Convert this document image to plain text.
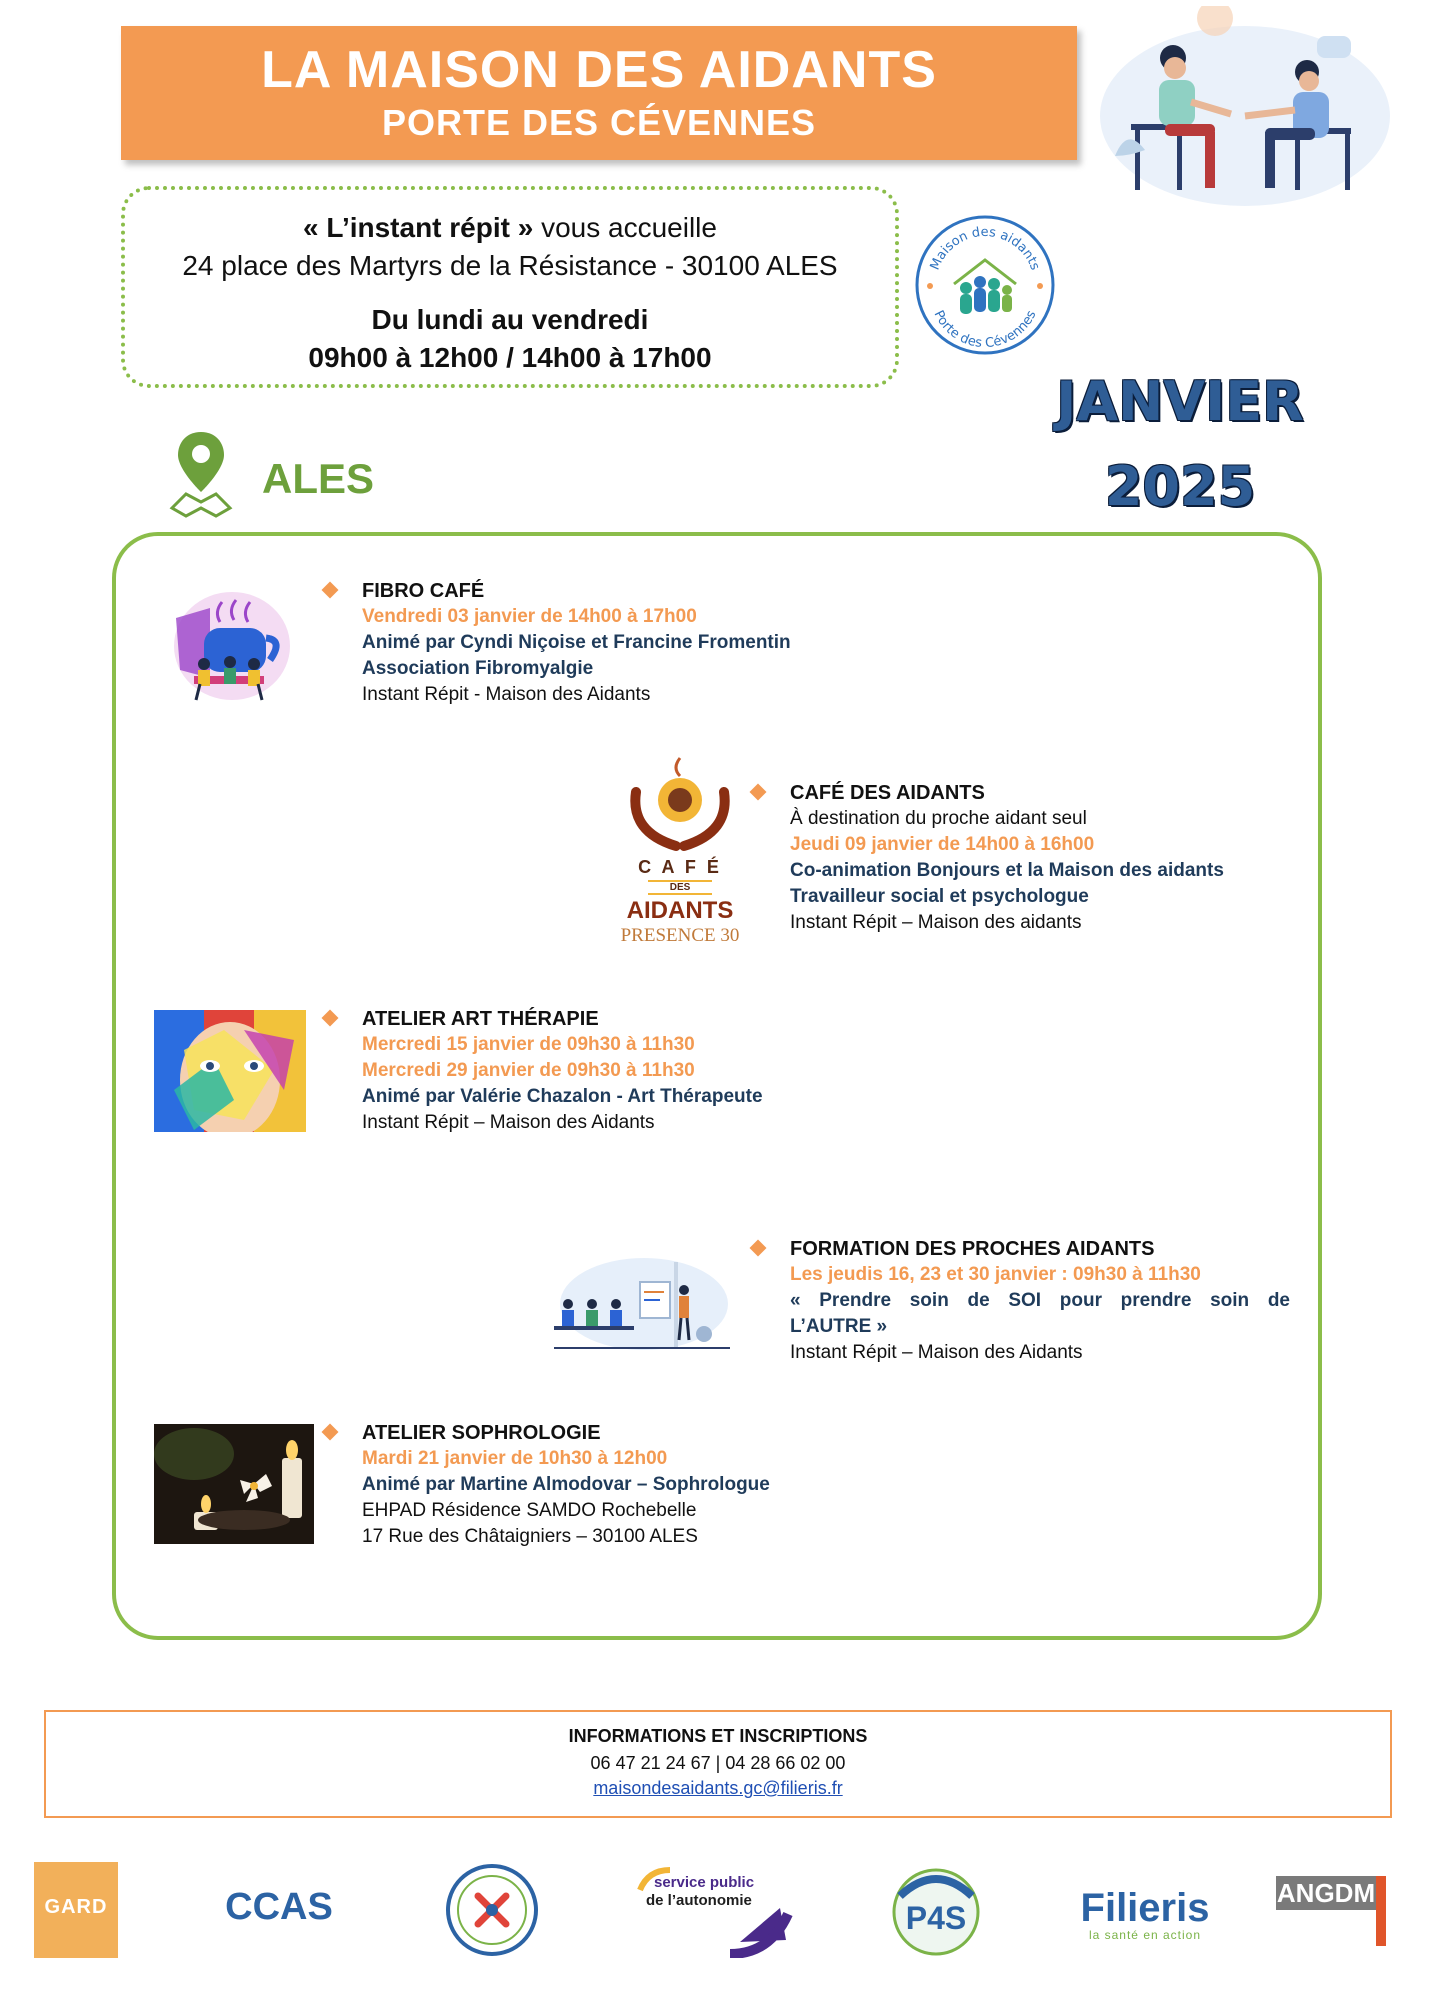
LA MAISON DES AIDANTS
PORTE DES CÉVENNES
« L’instant répit » vous accueille
24 place des Martyrs de la Résistance - 30100 ALES
Du lundi au vendredi
09h00 à 12h00 / 14h00 à 17h00
Maison des aidants
Porte des Cévennes
JANVIER
2025
ALES
FIBRO CAFÉ
Vendredi 03 janvier de 14h00 à 17h00
Animé par Cyndi Niçoise et Francine Fromentin
Association Fibromyalgie
Instant Répit - Maison des Aidants
C A F É
DES
AIDANTS
PRESENCE 30
CAFÉ DES AIDANTS
À destination du proche aidant seul
Jeudi 09 janvier de 14h00 à 16h00
Co-animation Bonjours et la Maison des aidants
Travailleur social et psychologue
Instant Répit – Maison des aidants
ATELIER ART THÉRAPIE
Mercredi 15 janvier de 09h30 à 11h30
Mercredi 29 janvier de 09h30 à 11h30
Animé par Valérie Chazalon - Art Thérapeute
Instant Répit – Maison des Aidants
FORMATION DES PROCHES AIDANTS
Les jeudis 16, 23 et 30 janvier : 09h30 à 11h30
« Prendre soin de SOI pour prendre soin de
L’AUTRE »
Instant Répit – Maison des Aidants
ATELIER SOPHROLOGIE
Mardi 21 janvier de 10h30 à 12h00
Animé par Martine Almodovar – Sophrologue
EHPAD Résidence SAMDO Rochebelle
17 Rue des Châtaigniers – 30100 ALES
INFORMATIONS ET INSCRIPTIONS
06 47 21 24 67 | 04 28 66 02 00
maisondesaidants.gc@filieris.fr
GARD	CCAS
service public
de l’autonomie	P4S	Filieris
la santé en action
ANGDM
